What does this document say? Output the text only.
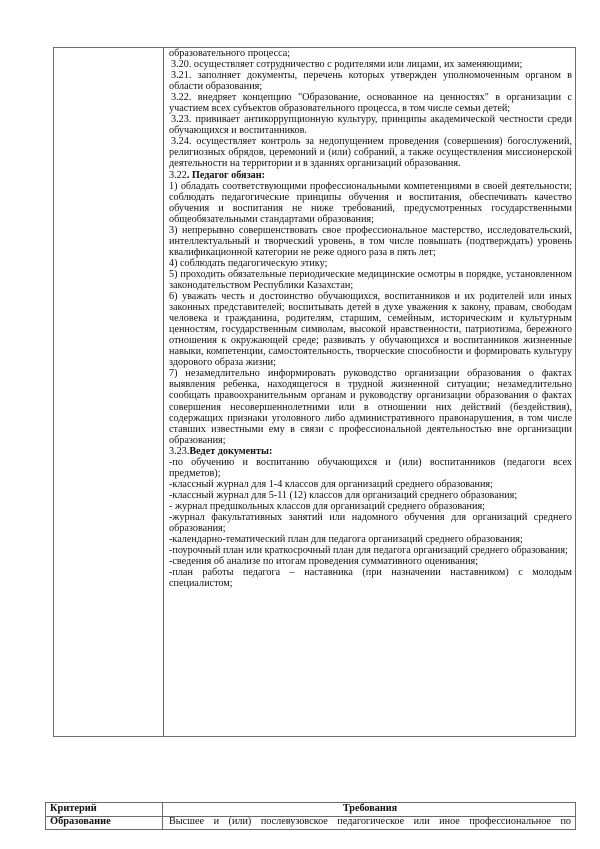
образовательного процесса;

3.20. осуществляет сотрудничество с родителями или лицами, их заменяющими;

3.21. заполняет документы, перечень которых утвержден уполномоченным органом в области образования;

3.22. внедряет концепцию "Образование, основанное на ценностях" в организации с участием всех субъектов образовательного процесса, в том числе семьи детей;

3.23. прививает антикоррупционную культуру, принципы академической честности среди обучающихся и воспитанников.

3.24. осуществляет контроль за недопущением проведения (совершения) богослужений, религиозных обрядов, церемоний и (или) собраний, а также осуществления миссионерской деятельности на территории и в зданиях организаций образования.

3.22. Педагог обязан:

1) обладать соответствующими профессиональными компетенциями в своей деятельности; соблюдать педагогические принципы обучения и воспитания, обеспечивать качество обучения и воспитания не ниже требований, предусмотренных государственными общеобязательными стандартами образования;

3) непрерывно совершенствовать свое профессиональное мастерство, исследовательский, интеллектуальный и творческий уровень, в том числе повышать (подтверждать) уровень квалификационной категории не реже одного раза в пять лет;

4) соблюдать педагогическую этику;

5) проходить обязательные периодические медицинские осмотры в порядке, установленном законодательством Республики Казахстан;

6) уважать честь и достоинство обучающихся, воспитанников и их родителей или иных законных представителей; воспитывать детей в духе уважения к закону, правам, свободам человека и гражданина, родителям, старшим, семейным, историческим и культурным ценностям, государственным символам, высокой нравственности, патриотизма, бережного отношения к окружающей среде; развивать у обучающихся и воспитанников жизненные навыки, компетенции, самостоятельность, творческие способности и формировать культуру здорового образа жизни;

7) незамедлительно информировать руководство организации образования о фактах выявления ребенка, находящегося в трудной жизненной ситуации; незамедлительно сообщать правоохранительным органам и руководству организации образования о фактах совершения несовершеннолетними или в отношении них действий (бездействия), содержащих признаки уголовного либо административного правонарушения, в том числе ставших известными ему в связи с профессиональной деятельностью вне организации образования;

3.23.Ведет документы:

-по обучению и воспитанию обучающихся и (или) воспитанников (педагоги всех предметов);

-классный журнал для 1-4 классов для организаций среднего образования;

-классный журнал для 5-11 (12) классов для организаций среднего образования;

- журнал предшкольных классов для организаций среднего образования;

-журнал факультативных занятий или надомного обучения для организаций среднего образования;

-календарно-тематический план для педагога организаций среднего образования;

-поурочный план или краткосрочный план для педагога организаций среднего образования;

-сведения об анализе по итогам проведения суммативного оценивания;

-план работы педагога – наставника (при назначении наставником) с молодым специалистом;

Критерий	Требования
Образование	Высшее и (или) послевузовское педагогическое или иное профессиональное по
